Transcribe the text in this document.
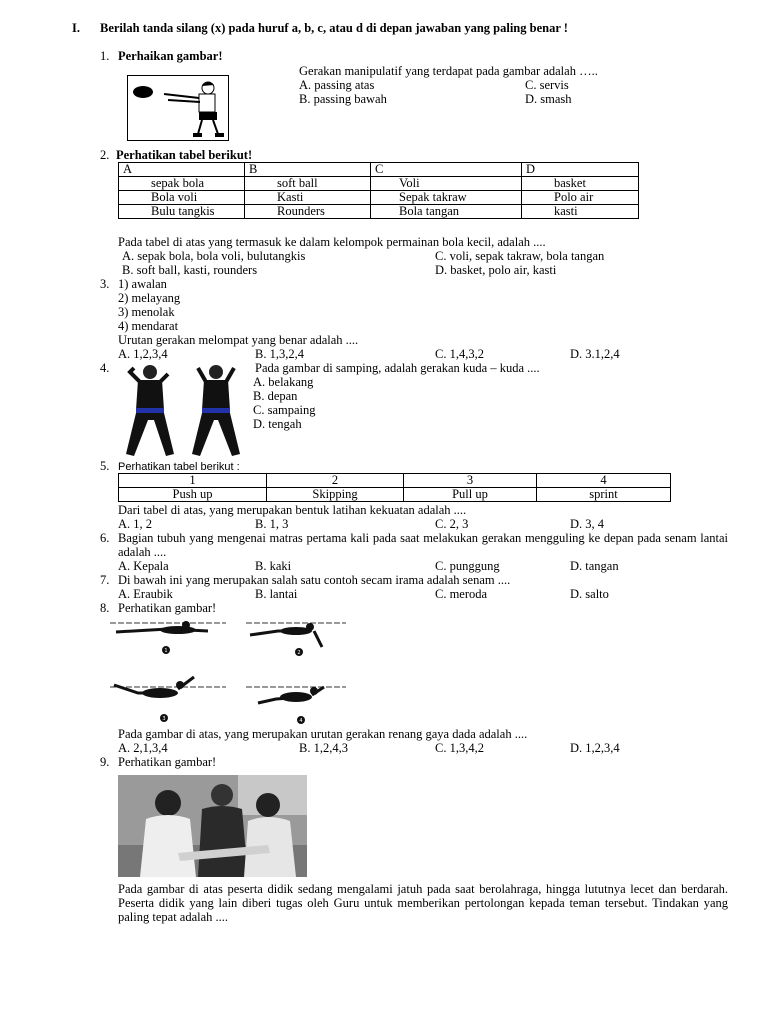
I. Berilah tanda silang (x) pada huruf a, b, c, atau d di depan jawaban yang paling benar !
1. Perhaikan gambar!
Gerakan manipulatif yang terdapat pada gambar adalah …..
A. passing atas
B. passing bawah
C. servis
D. smash
2. Perhatikan tabel berikut!
A	B	C	D
sepak bola	soft ball	Voli	basket
Bola voli	Kasti	Sepak takraw	Polo air
Bulu tangkis	Rounders	Bola tangan	kasti
Pada tabel di atas yang termasuk ke dalam kelompok permainan bola kecil, adalah ....
A. sepak bola, bola voli, bulutangkis
B. soft ball, kasti, rounders
C. voli, sepak takraw, bola tangan
D. basket, polo air, kasti
3. 1) awalan
2) melayang
3) menolak
4) mendarat
Urutan gerakan melompat yang benar adalah ....
A. 1,2,3,4	B. 1,3,2,4	C. 1,4,3,2	D. 3.1,2,4
4.	Pada gambar di samping, adalah gerakan kuda – kuda ....
A. belakang
B. depan
C. sampaing
D. tengah
5. Perhatikan tabel berikut :
1	2	3	4
Push up	Skipping	Pull up	sprint
Dari tabel di atas, yang merupakan bentuk latihan kekuatan adalah ....
A. 1, 2	B. 1, 3	C. 2, 3	D. 3, 4
6. Bagian tubuh yang mengenai matras pertama kali pada saat melakukan gerakan mengguling ke depan pada senam lantai adalah ....
A. Kepala	B. kaki	C. punggung	D. tangan
7. Di bawah ini yang merupakan salah satu contoh secam irama adalah senam ....
A. Eraubik	B. lantai	C. meroda	D. salto
8. Perhatikan gambar!
1	2
3	4
Pada gambar di atas, yang merupakan urutan gerakan renang gaya dada adalah ....
A. 2,1,3,4	B. 1,2,4,3	C. 1,3,4,2	D. 1,2,3,4
9. Perhatikan gambar!
Pada gambar di atas peserta didik sedang mengalami jatuh pada saat berolahraga, hingga lututnya lecet dan berdarah. Peserta didik yang lain diberi tugas oleh Guru untuk memberikan pertolongan kepada teman tersebut. Tindakan yang paling tepat adalah ....
